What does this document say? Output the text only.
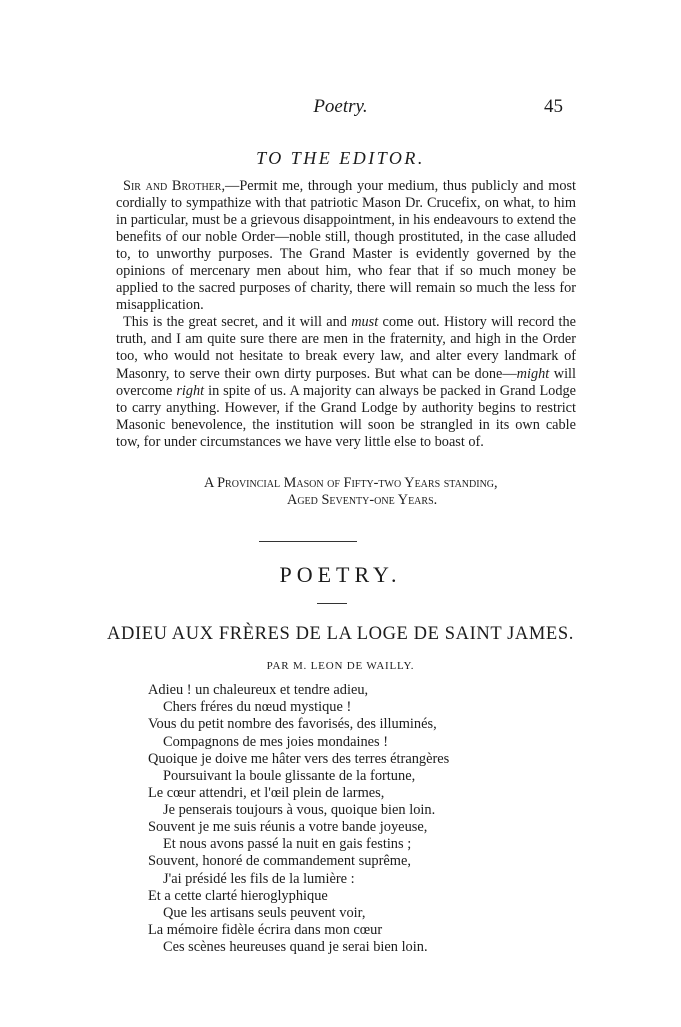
Poetry.	45
TO THE EDITOR.

Sir and Brother,—Permit me, through your medium, thus publicly and most cordially to sympathize with that patriotic Mason Dr. Crucefix, on what, to him in particular, must be a grievous disappointment, in his endeavours to extend the benefits of our noble Order—noble still, though prostituted, in the case alluded to, to unworthy purposes. The Grand Master is evidently governed by the opinions of mercenary men about him, who fear that if so much money be applied to the sacred purposes of charity, there will remain so much the less for misapplication.

This is the great secret, and it will and must come out. History will record the truth, and I am quite sure there are men in the fraternity, and high in the Order too, who would not hesitate to break every law, and alter every landmark of Masonry, to serve their own dirty purposes. But what can be done—might will overcome right in spite of us. A majority can always be packed in Grand Lodge to carry anything. However, if the Grand Lodge by authority begins to restrict Masonic benevolence, the institution will soon be strangled in its own cable tow, for under circumstances we have very little else to boast of.

A Provincial Mason of Fifty-two Years standing,
Aged Seventy-one Years.
POETRY.
ADIEU AUX FRÈRES DE LA LOGE DE SAINT JAMES.
PAR M. LEON DE WAILLY.
Adieu ! un chaleureux et tendre adieu,
Chers fréres du nœud mystique !
Vous du petit nombre des favorisés, des illuminés,
Compagnons de mes joies mondaines !
Quoique je doive me hâter vers des terres étrangères
Poursuivant la boule glissante de la fortune,
Le cœur attendri, et l'œil plein de larmes,
Je penserais toujours à vous, quoique bien loin.
Souvent je me suis réunis a votre bande joyeuse,
Et nous avons passé la nuit en gais festins ;
Souvent, honoré de commandement suprême,
J'ai présidé les fils de la lumière :
Et a cette clarté hieroglyphique
Que les artisans seuls peuvent voir,
La mémoire fidèle écrira dans mon cœur
Ces scènes heureuses quand je serai bien loin.
